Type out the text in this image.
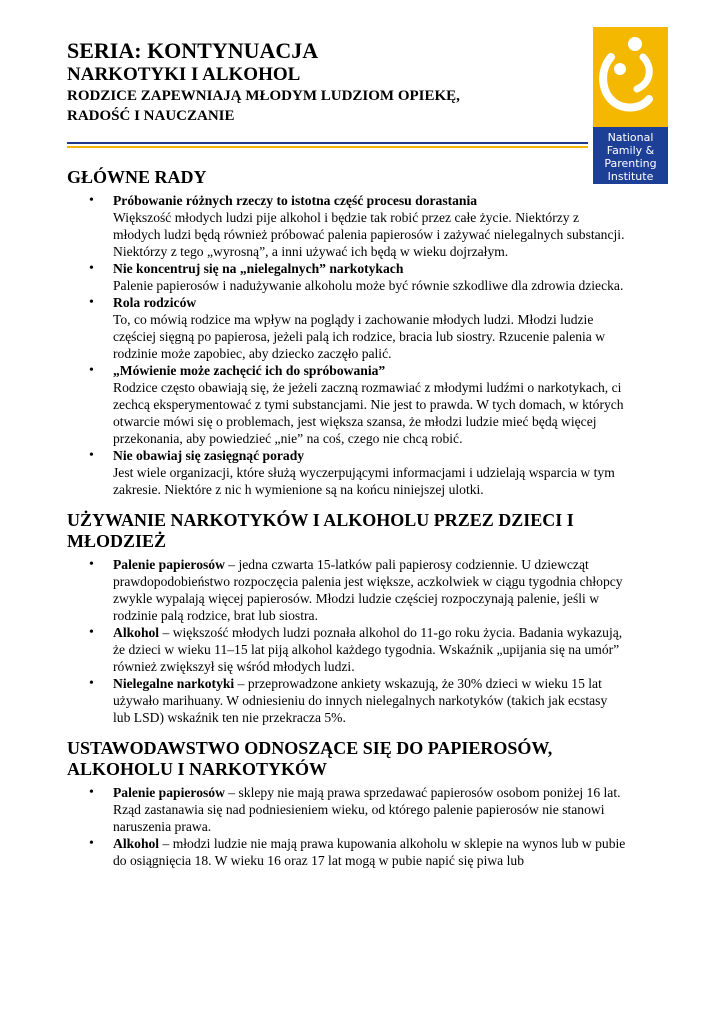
SERIA: KONTYNUACJA

NARKOTYKI I ALKOHOL

RODZICE ZAPEWNIAJĄ MŁODYM LUDZIOM OPIEKĘ,

RADOŚĆ I NAUCZANIE

National
Family &
Parenting
Institute

GŁÓWNE RADY

• Próbowanie różnych rzeczy to istotna część procesu dorastania
Większość młodych ludzi pije alkohol i będzie tak robić przez całe życie. Niektórzy z młodych ludzi będą również próbować palenia papierosów i zażywać nielegalnych substancji. Niektórzy z tego „wyrosną”, a inni używać ich będą w wieku dojrzałym.
• Nie koncentruj się na „nielegalnych” narkotykach
Palenie papierosów i nadużywanie alkoholu może być równie szkodliwe dla zdrowia dziecka.
• Rola rodziców
To, co mówią rodzice ma wpływ na poglądy i zachowanie młodych ludzi. Młodzi ludzie częściej sięgną po papierosa, jeżeli palą ich rodzice, bracia lub siostry. Rzucenie palenia w rodzinie może zapobiec, aby dziecko zaczęło palić.
• „Mówienie może zachęcić ich do spróbowania”
Rodzice często obawiają się, że jeżeli zaczną rozmawiać z młodymi ludźmi o narkotykach, ci zechcą eksperymentować z tymi substancjami. Nie jest to prawda. W tych domach, w których otwarcie mówi się o problemach, jest większa szansa, że młodzi ludzie mieć będą więcej przekonania, aby powiedzieć „nie” na coś, czego nie chcą robić.
• Nie obawiaj się zasięgnąć porady
Jest wiele organizacji, które służą wyczerpującymi informacjami i udzielają wsparcia w tym zakresie. Niektóre z nic h wymienione są na końcu niniejszej ulotki.

UŻYWANIE NARKOTYKÓW I ALKOHOLU PRZEZ DZIECI I MŁODZIEŻ

• Palenie papierosów – jedna czwarta 15-latków pali papierosy codziennie. U dziewcząt prawdopodobieństwo rozpoczęcia palenia jest większe, aczkolwiek w ciągu tygodnia chłopcy zwykle wypalają więcej papierosów. Młodzi ludzie częściej rozpoczynają palenie, jeśli w rodzinie palą rodzice, brat lub siostra.
• Alkohol – większość młodych ludzi poznała alkohol do 11-go roku życia. Badania wykazują, że dzieci w wieku 11–15 lat piją alkohol każdego tygodnia. Wskaźnik „upijania się na umór” również zwiększył się wśród młodych ludzi.
• Nielegalne narkotyki – przeprowadzone ankiety wskazują, że 30% dzieci w wieku 15 lat używało marihuany. W odniesieniu do innych nielegalnych narkotyków (takich jak ecstasy lub LSD) wskaźnik ten nie przekracza 5%.

USTAWODAWSTWO ODNOSZĄCE SIĘ DO PAPIEROSÓW, ALKOHOLU I NARKOTYKÓW

• Palenie papierosów – sklepy nie mają prawa sprzedawać papierosów osobom poniżej 16 lat. Rząd zastanawia się nad podniesieniem wieku, od którego palenie papierosów nie stanowi naruszenia prawa.
• Alkohol – młodzi ludzie nie mają prawa kupowania alkoholu w sklepie na wynos lub w pubie do osiągnięcia 18. W wieku 16 oraz 17 lat mogą w pubie napić się piwa lub
